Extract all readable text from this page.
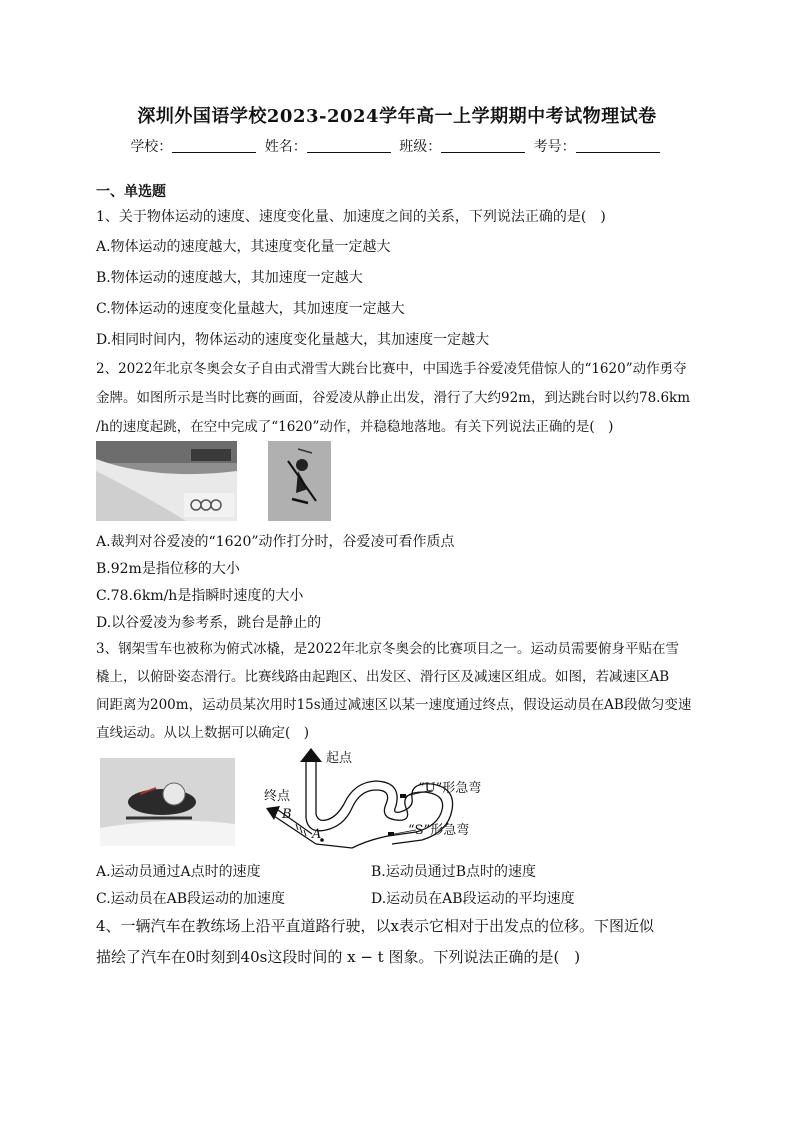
深圳外国语学校2023-2024学年高一上学期期中考试物理试卷
学校：	姓名：	班级：	考号：
一、单选题
1、关于物体运动的速度、速度变化量、加速度之间的关系，下列说法正确的是(　)
A.物体运动的速度越大，其速度变化量一定越大
B.物体运动的速度越大，其加速度一定越大
C.物体运动的速度变化量越大，其加速度一定越大
D.相同时间内，物体运动的速度变化量越大，其加速度一定越大
2、2022年北京冬奥会女子自由式滑雪大跳台比赛中，中国选手谷爱凌凭借惊人的“1620”动作勇夺
金牌。如图所示是当时比赛的画面，谷爱凌从静止出发，滑行了大约92m，到达跳台时以约78.6km
/h的速度起跳，在空中完成了“1620”动作，并稳稳地落地。有关下列说法正确的是(　)
A.裁判对谷爱凌的“1620”动作打分时，谷爱凌可看作质点
B.92m是指位移的大小
C.78.6km/h是指瞬时速度的大小
D.以谷爱凌为参考系，跳台是静止的
3、钢架雪车也被称为俯式冰橇，是2022年北京冬奥会的比赛项目之一。运动员需要俯身平贴在雪
橇上，以俯卧姿态滑行。比赛线路由起跑区、出发区、滑行区及减速区组成。如图，若减速区AB
间距离为200m，运动员某次用时15s通过减速区以某一速度通过终点，假设运动员在AB段做匀变速
直线运动。从以上数据可以确定(　)
起点
终点
“U”形急弯
“S”形急弯
A
B
A.运动员通过A点时的速度	B.运动员通过B点时的速度
C.运动员在AB段运动的加速度	D.运动员在AB段运动的平均速度
4、一辆汽车在教练场上沿平直道路行驶，以x表示它相对于出发点的位移。下图近似
描绘了汽车在0时刻到40s这段时间的 x − t 图象。下列说法正确的是(　)
